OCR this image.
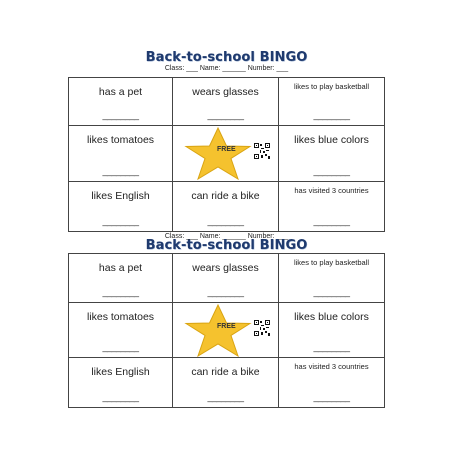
Back-to-school BINGO
Class: ___ Name: ______ Number: ___
has a pet
________
wears glasses
________
likes to play basketball
________
likes tomatoes
________
FREE
likes blue colors
________
likes English
________
can ride a bike
________
has visited 3 countries
________
Class: ___ Name: ______ Number: ___
Back-to-school BINGO
has a pet
________
wears glasses
________
likes to play basketball
________
likes tomatoes
________
FREE
likes blue colors
________
likes English
________
can ride a bike
________
has visited 3 countries
________
